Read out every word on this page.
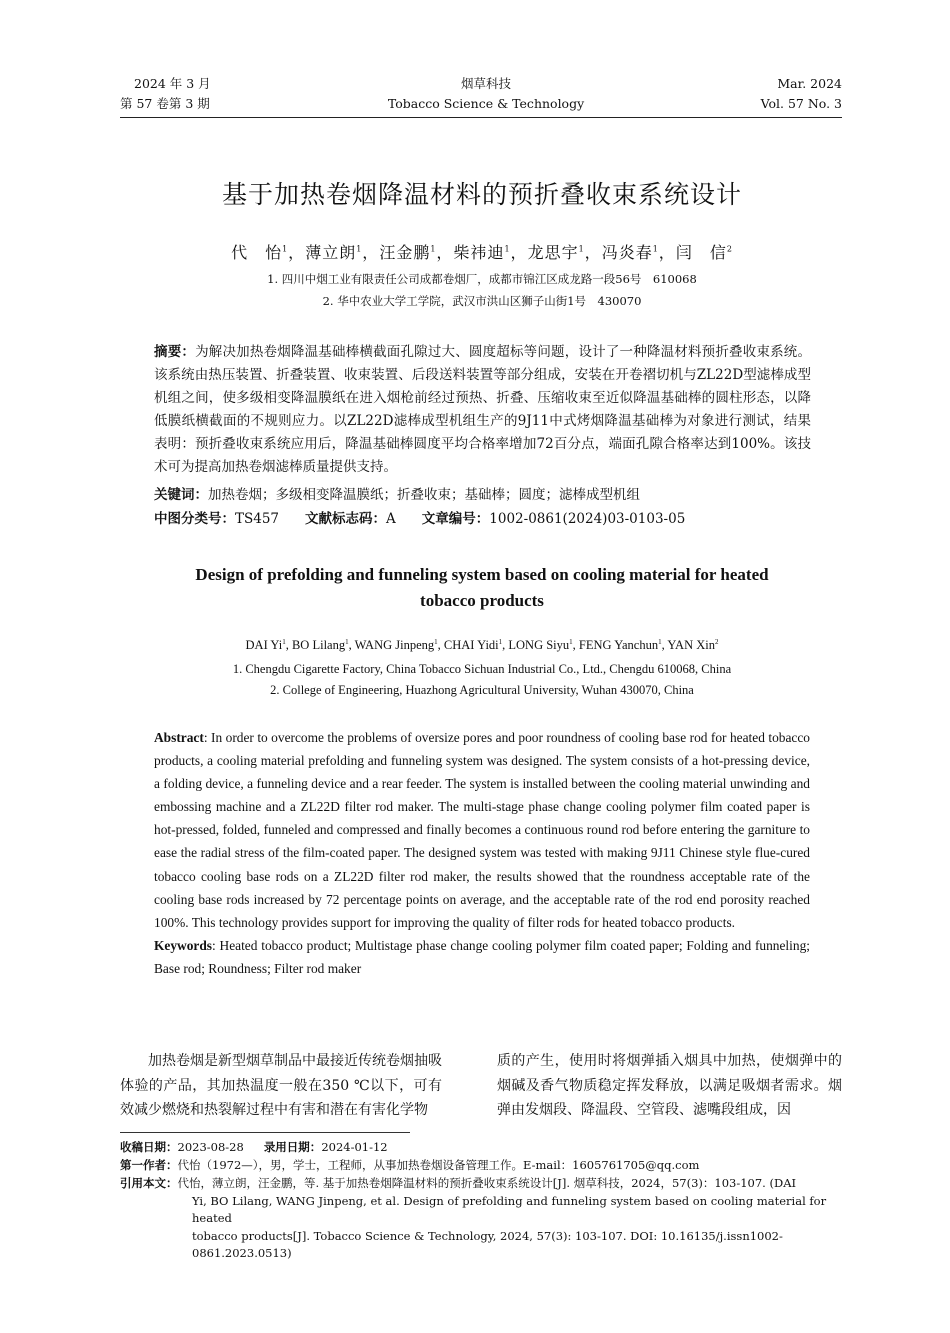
2024 年 3 月
第 57 卷第 3 期
烟草科技
Tobacco Science & Technology
Mar. 2024
Vol. 57 No. 3
基于加热卷烟降温材料的预折叠收束系统设计
代　怡$^1$，薄立朗$^1$，汪金鹏$^1$，柴祎迪$^1$，龙思宇$^1$，冯炎春$^1$，闫　信$^2$
1. 四川中烟工业有限责任公司成都卷烟厂，成都市锦江区成龙路一段56号　610068
2. 华中农业大学工学院，武汉市洪山区狮子山街1号　430070
摘要：为解决加热卷烟降温基础棒横截面孔隙过大、圆度超标等问题，设计了一种降温材料预折叠收束系统。该系统由热压装置、折叠装置、收束装置、后段送料装置等部分组成，安装在开卷褶切机与ZL22D型滤棒成型机组之间，使多级相变降温膜纸在进入烟枪前经过预热、折叠、压缩收束至近似降温基础棒的圆柱形态，以降低膜纸横截面的不规则应力。以ZL22D滤棒成型机组生产的9J11中式烤烟降温基础棒为对象进行测试，结果表明：预折叠收束系统应用后，降温基础棒圆度平均合格率增加72百分点，端面孔隙合格率达到100%。该技术可为提高加热卷烟滤棒质量提供支持。
关键词：加热卷烟；多级相变降温膜纸；折叠收束；基础棒；圆度；滤棒成型机组
中图分类号：TS457 文献标志码：A 文章编号：1002-0861(2024)03-0103-05
Design of prefolding and funneling system based on cooling material for heated tobacco products
DAI Yi$^1$, BO Lilang$^1$, WANG Jinpeng$^1$, CHAI Yidi$^1$, LONG Siyu$^1$, FENG Yanchun$^1$, YAN Xin$^2$
1. Chengdu Cigarette Factory, China Tobacco Sichuan Industrial Co., Ltd., Chengdu 610068, China
2. College of Engineering, Huazhong Agricultural University, Wuhan 430070, China
Abstract: In order to overcome the problems of oversize pores and poor roundness of cooling base rod for heated tobacco products, a cooling material prefolding and funneling system was designed. The system consists of a hot-pressing device, a folding device, a funneling device and a rear feeder. The system is installed between the cooling material unwinding and embossing machine and a ZL22D filter rod maker. The multi-stage phase change cooling polymer film coated paper is hot-pressed, folded, funneled and compressed and finally becomes a continuous round rod before entering the garniture to ease the radial stress of the film-coated paper. The designed system was tested with making 9J11 Chinese style flue-cured tobacco cooling base rods on a ZL22D filter rod maker, the results showed that the roundness acceptable rate of the cooling base rods increased by 72 percentage points on average, and the acceptable rate of the rod end porosity reached 100%. This technology provides support for improving the quality of filter rods for heated tobacco products.
Keywords: Heated tobacco product; Multistage phase change cooling polymer film coated paper; Folding and funneling; Base rod; Roundness; Filter rod maker
加热卷烟是新型烟草制品中最接近传统卷烟抽吸体验的产品，其加热温度一般在350 ℃以下，可有效减少燃烧和热裂解过程中有害和潜在有害化学物
质的产生，使用时将烟弹插入烟具中加热，使烟弹中的烟碱及香气物质稳定挥发释放，以满足吸烟者需求。烟弹由发烟段、降温段、空管段、滤嘴段组成，因
收稿日期：2023-08-28 录用日期：2024-01-12
第一作者：代怡（1972—），男，学士，工程师，从事加热卷烟设备管理工作。E-mail：1605761705@qq.com
引用本文：代怡，薄立朗，汪金鹏，等. 基于加热卷烟降温材料的预折叠收束系统设计[J]. 烟草科技，2024，57(3)：103-107. (DAI
Yi, BO Lilang, WANG Jinpeng, et al. Design of prefolding and funneling system based on cooling material for heated
tobacco products[J]. Tobacco Science & Technology, 2024, 57(3): 103-107. DOI: 10.16135/j.issn1002-0861.2023.0513)
